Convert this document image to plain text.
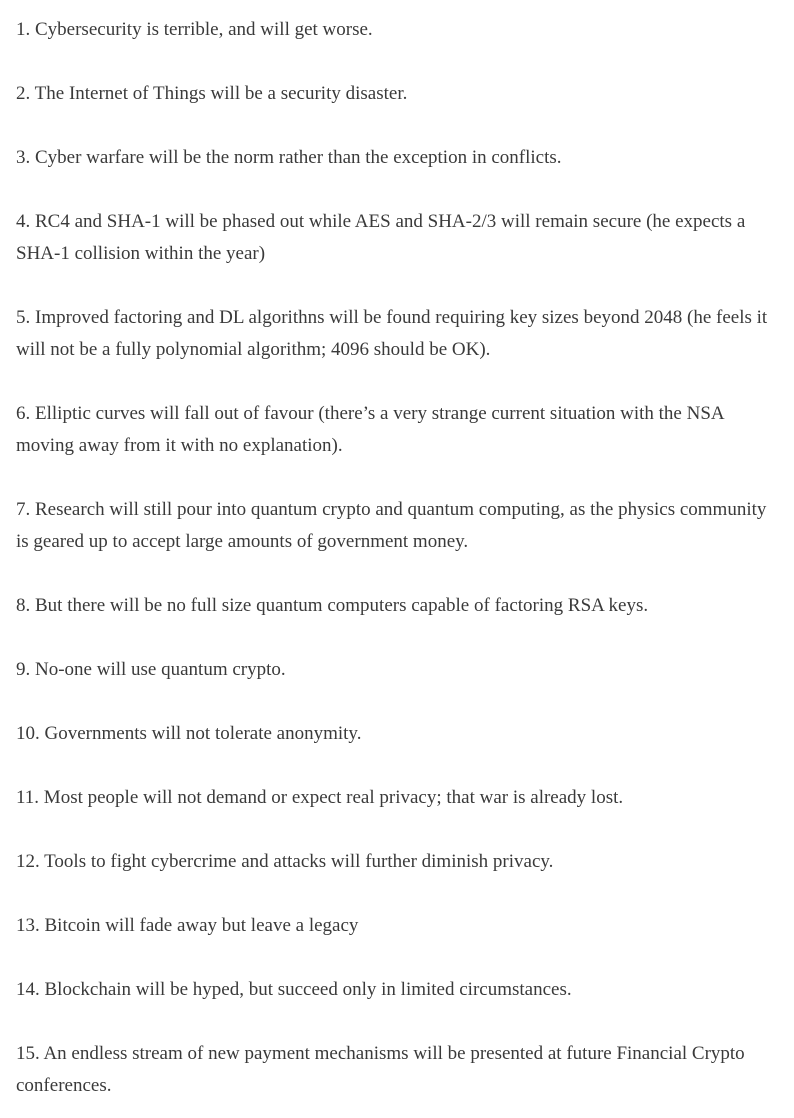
1. Cybersecurity is terrible, and will get worse.

2. The Internet of Things will be a security disaster.

3. Cyber warfare will be the norm rather than the exception in conflicts.

4. RC4 and SHA-1 will be phased out while AES and SHA-2/3 will remain secure (he expects a SHA-1 collision within the year)

5. Improved factoring and DL algorithns will be found requiring key sizes beyond 2048 (he feels it will not be a fully polynomial algorithm; 4096 should be OK).

6. Elliptic curves will fall out of favour (there’s a very strange current situation with the NSA moving away from it with no explanation).

7. Research will still pour into quantum crypto and quantum computing, as the physics community is geared up to accept large amounts of government money.

8. But there will be no full size quantum computers capable of factoring RSA keys.

9. No-one will use quantum crypto.

10. Governments will not tolerate anonymity.

11. Most people will not demand or expect real privacy; that war is already lost.

12. Tools to fight cybercrime and attacks will further diminish privacy.

13. Bitcoin will fade away but leave a legacy

14. Blockchain will be hyped, but succeed only in limited circumstances.

15. An endless stream of new payment mechanisms will be presented at future Financial Crypto conferences.
